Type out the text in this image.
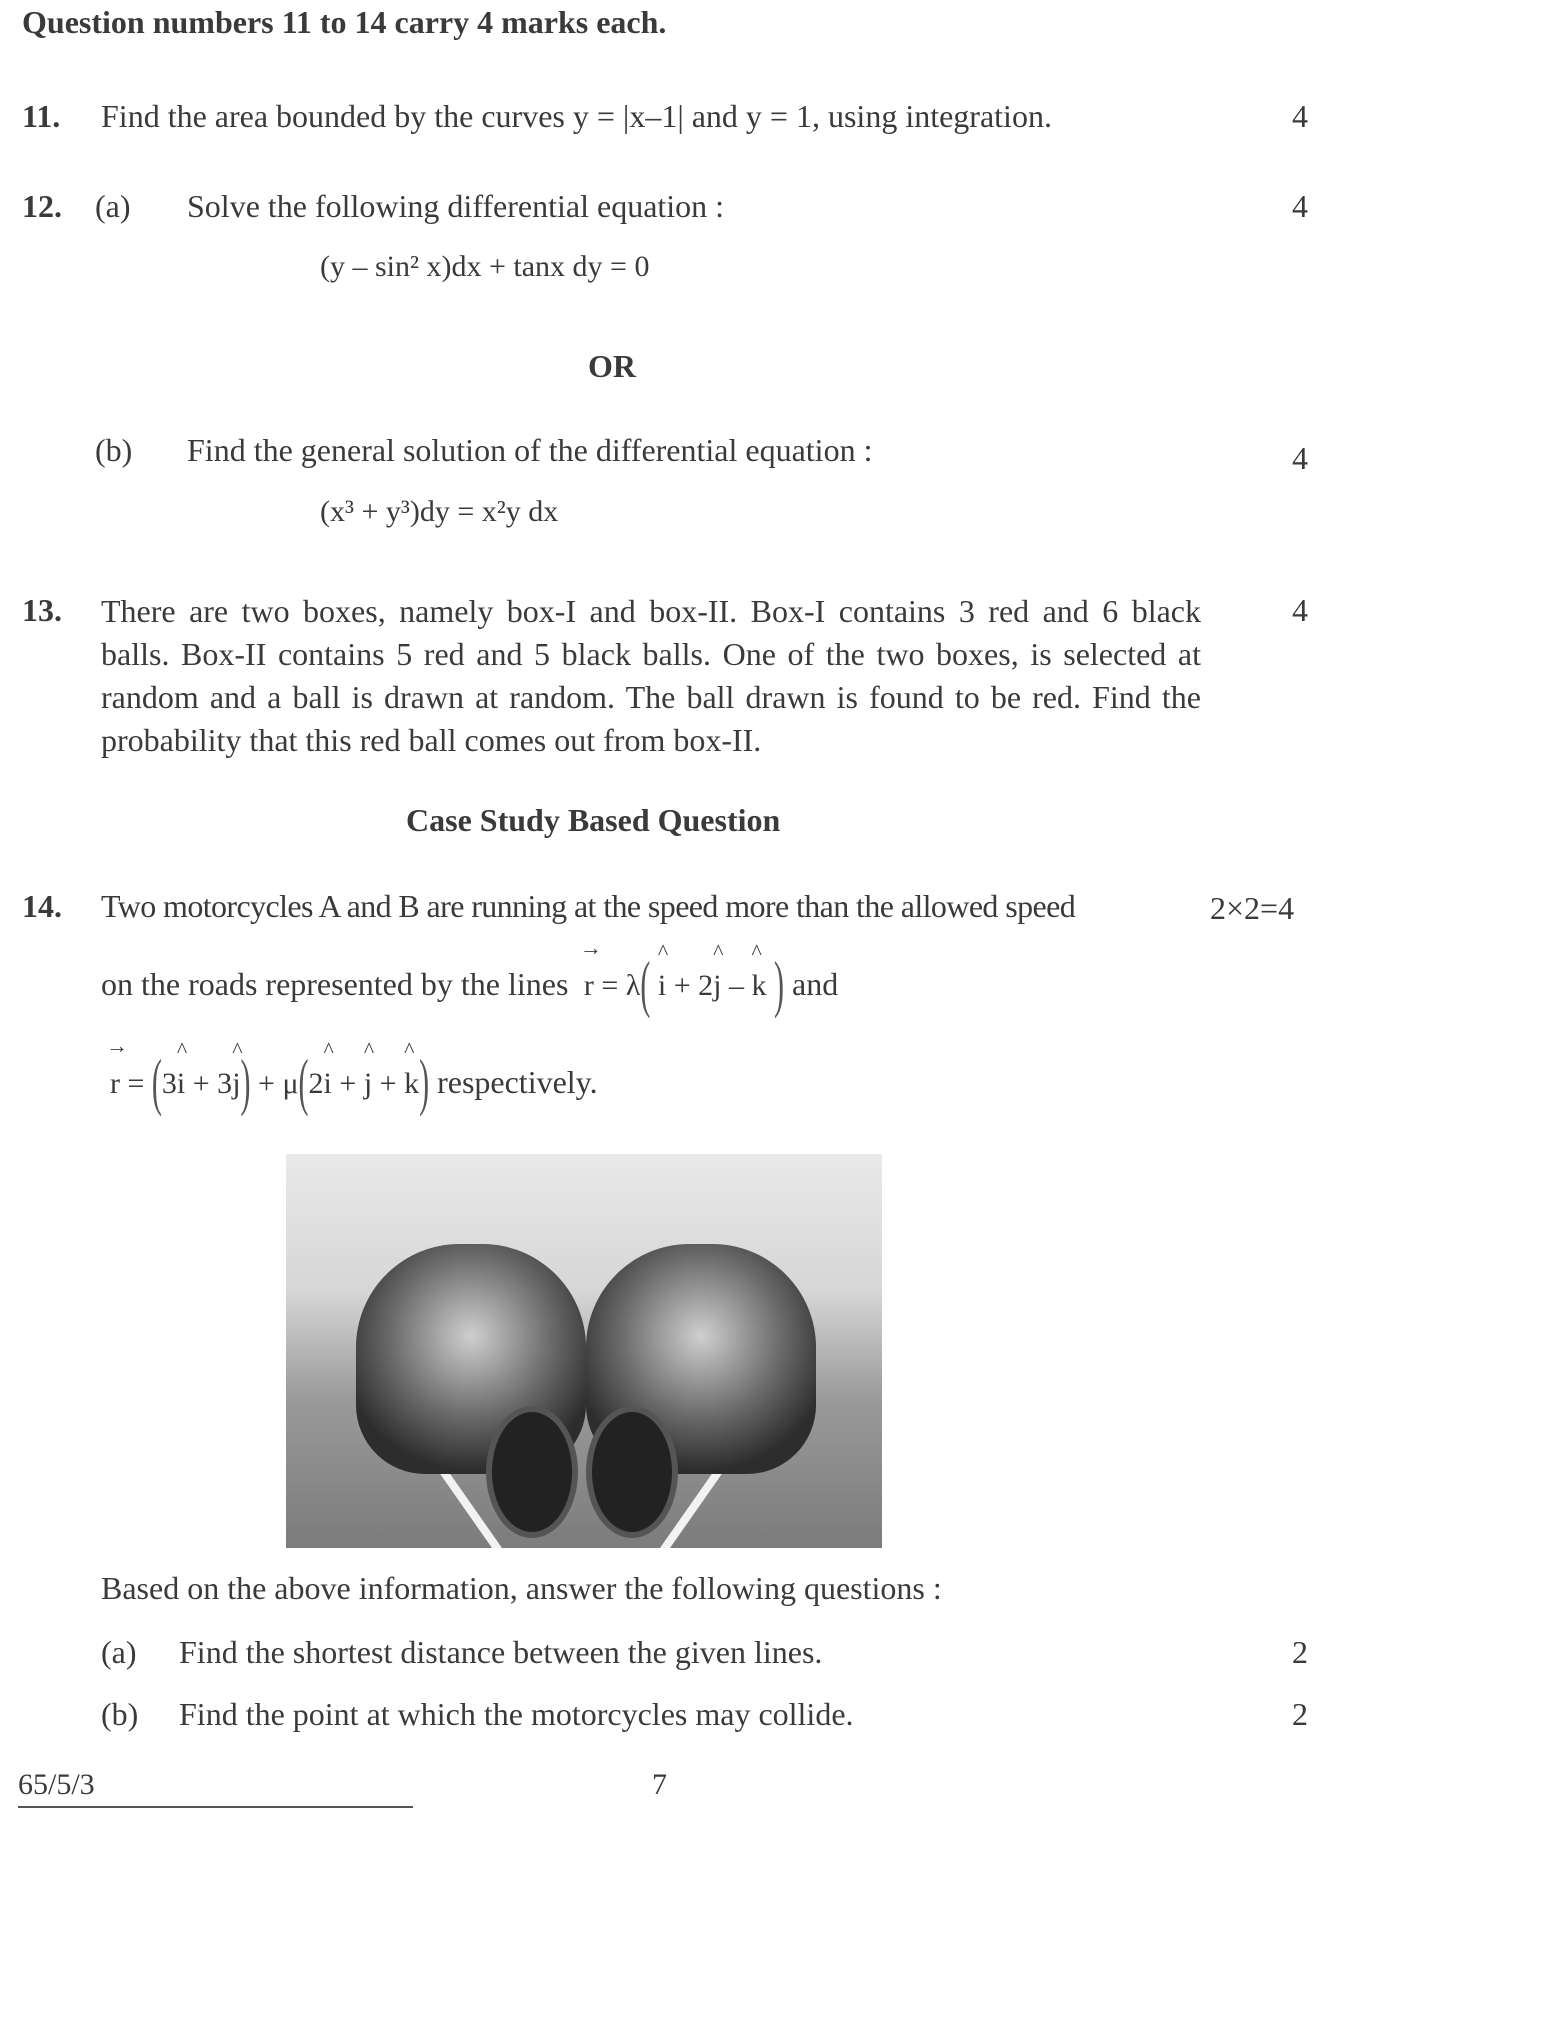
Question numbers 11 to 14 carry 4 marks each.
11. Find the area bounded by the curves y = |x–1| and y = 1, using integration.	4
12. (a) Solve the following differential equation :	4
(y – sin² x)dx + tanx dy = 0
OR
(b) Find the general solution of the differential equation :	4
(x³ + y³)dy = x²y dx
13. There are two boxes, namely box-I and box-II. Box-I contains 3 red and 6 black balls. Box-II contains 5 red and 5 black balls. One of the two boxes, is selected at random and a ball is drawn at random. The ball drawn is found to be red. Find the probability that this red ball comes out from box-II.
4
Case Study Based Question
14. Two motorcycles A and B are running at the speed more than the allowed speed	2×2=4
on the roads represented by the lines → r = λ( ^ i + 2^ j – ^ k ) and
→ r = (3^ i + 3^ j) + μ(2^ i + ^ j + ^ k) respectively.
Based on the above information, answer the following questions :
(a) Find the shortest distance between the given lines.	2
(b) Find the point at which the motorcycles may collide.	2
65/5/3	7
